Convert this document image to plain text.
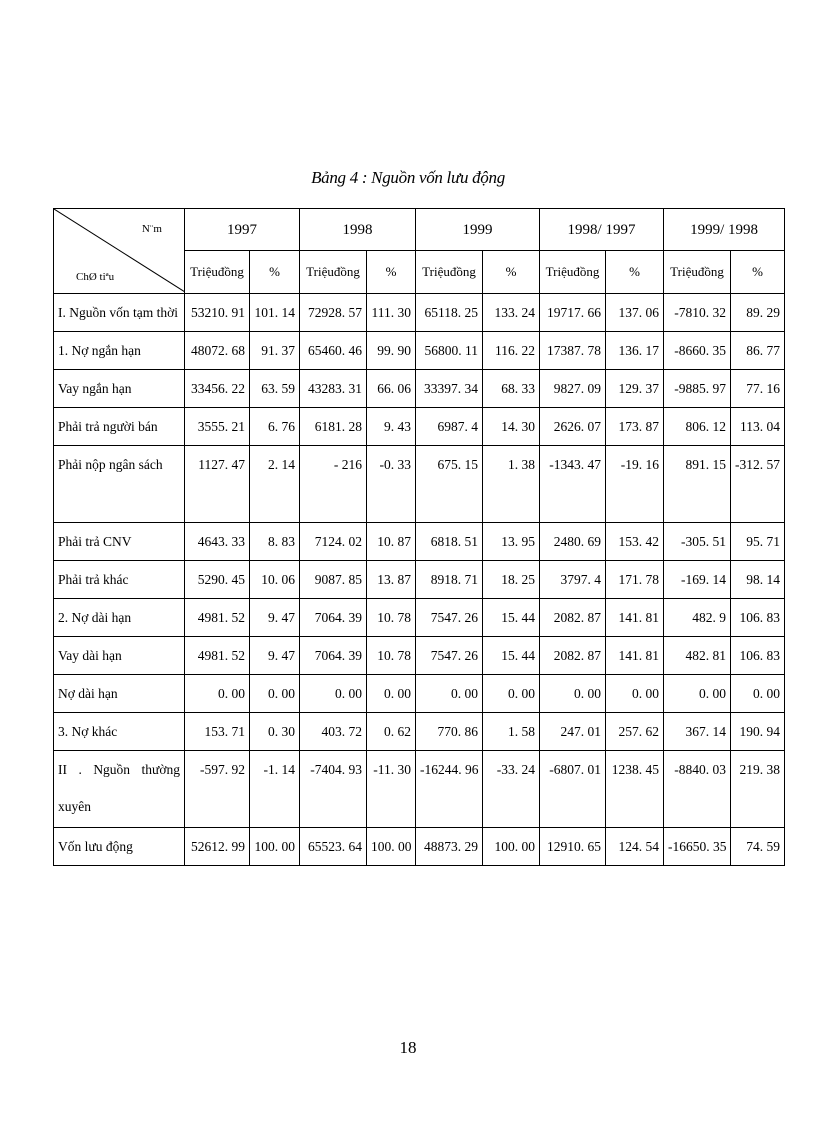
Bảng 4 : Nguồn vốn lưu động
N¨m
ChØ tiªu	1997		1998		1999		1998/ 1997		1999/ 1998	
	Triệuđồng	%	Triệuđồng	%	Triệuđồng	%	Triệuđồng	%	Triệuđồng	%
I. Nguồn vốn tạm thời	53210. 91	101. 14	72928. 57	111. 30	65118. 25	133. 24	19717. 66	137. 06	-7810. 32	89. 29
1. Nợ ngắn hạn	48072. 68	91. 37	65460. 46	99. 90	56800. 11	116. 22	17387. 78	136. 17	-8660. 35	86. 77
Vay ngắn hạn	33456. 22	63. 59	43283. 31	66. 06	33397. 34	68. 33	9827. 09	129. 37	-9885. 97	77. 16
Phải trả người bán	3555. 21	6. 76	6181. 28	9. 43	6987. 4	14. 30	2626. 07	173. 87	806. 12	113. 04
Phải nộp ngân sách	1127. 47	2. 14	- 216	-0. 33	675. 15	1. 38	-1343. 47	-19. 16	891. 15	-312. 57
Phải trả CNV	4643. 33	8. 83	7124. 02	10. 87	6818. 51	13. 95	2480. 69	153. 42	-305. 51	95. 71
Phải trả khác	5290. 45	10. 06	9087. 85	13. 87	8918. 71	18. 25	3797. 4	171. 78	-169. 14	98. 14
2. Nợ dài hạn	4981. 52	9. 47	7064. 39	10. 78	7547. 26	15. 44	2082. 87	141. 81	482. 9	106. 83
Vay dài hạn	4981. 52	9. 47	7064. 39	10. 78	7547. 26	15. 44	2082. 87	141. 81	482. 81	106. 83
Nợ dài hạn	0. 00	0. 00	0. 00	0. 00	0. 00	0. 00	0. 00	0. 00	0. 00	0. 00
3. Nợ khác	153. 71	0. 30	403. 72	0. 62	770. 86	1. 58	247. 01	257. 62	367. 14	190. 94

II . Nguồn thường
xuyên	-597. 92	-1. 14	-7404. 93	-11. 30	-16244. 96	-33. 24	-6807. 01	1238. 45	-8840. 03	219. 38
Vốn lưu động	52612. 99	100. 00	65523. 64	100. 00	48873. 29	100. 00	12910. 65	124. 54	-16650. 35	74. 59
18
